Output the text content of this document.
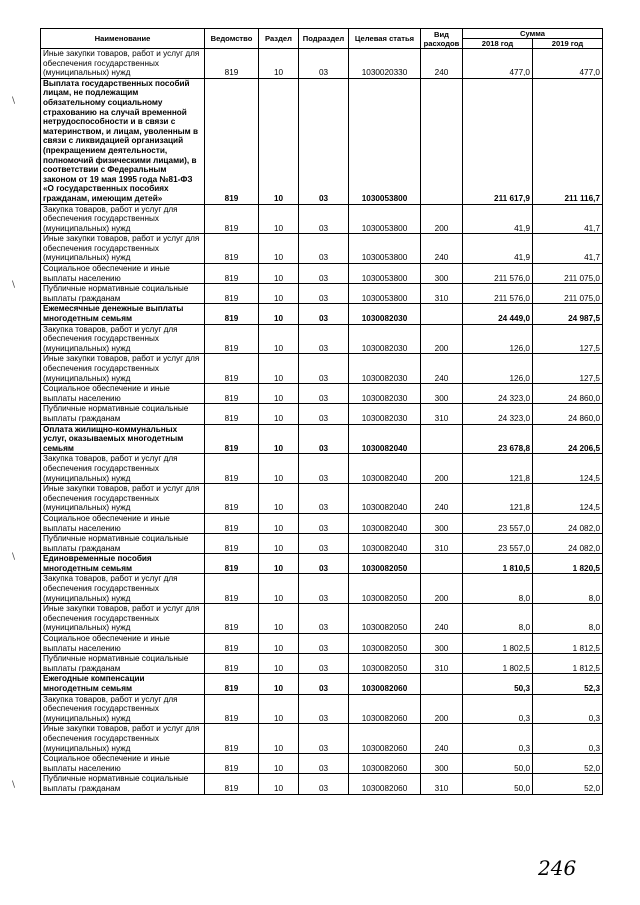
Наименование	Ведомство	Раздел	Подраздел	Целевая статья	Вид расходов	Сумма	
						2018 год	2019 год
Иные закупки товаров, работ и услуг для обеспечения государственных (муниципальных) нужд	819	10	03	1030020330	240	477,0	477,0
Выплата государственных пособий лицам, не подлежащим обязательному социальному страхованию на случай временной нетрудоспособности и в связи с материнством, и лицам, уволенным в связи с ликвидацией организаций (прекращением деятельности, полномочий физическими лицами), в соответствии с Федеральным законом от 19 мая 1995 года №81-ФЗ «О государственных пособиях гражданам, имеющим детей»	819	10	03	1030053800		211 617,9	211 116,7
Закупка товаров, работ и услуг для обеспечения государственных (муниципальных) нужд	819	10	03	1030053800	200	41,9	41,7
Иные закупки товаров, работ и услуг для обеспечения государственных (муниципальных) нужд	819	10	03	1030053800	240	41,9	41,7
Социальное обеспечение и иные выплаты населению	819	10	03	1030053800	300	211 576,0	211 075,0
Публичные нормативные социальные выплаты гражданам	819	10	03	1030053800	310	211 576,0	211 075,0
Ежемесячные денежные выплаты многодетным семьям	819	10	03	1030082030		24 449,0	24 987,5
Закупка товаров, работ и услуг для обеспечения государственных (муниципальных) нужд	819	10	03	1030082030	200	126,0	127,5
Иные закупки товаров, работ и услуг для обеспечения государственных (муниципальных) нужд	819	10	03	1030082030	240	126,0	127,5
Социальное обеспечение и иные выплаты населению	819	10	03	1030082030	300	24 323,0	24 860,0
Публичные нормативные социальные выплаты гражданам	819	10	03	1030082030	310	24 323,0	24 860,0
Оплата жилищно-коммунальных услуг, оказываемых многодетным семьям	819	10	03	1030082040		23 678,8	24 206,5
Закупка товаров, работ и услуг для обеспечения государственных (муниципальных) нужд	819	10	03	1030082040	200	121,8	124,5
Иные закупки товаров, работ и услуг для обеспечения государственных (муниципальных) нужд	819	10	03	1030082040	240	121,8	124,5
Социальное обеспечение и иные выплаты населению	819	10	03	1030082040	300	23 557,0	24 082,0
Публичные нормативные социальные выплаты гражданам	819	10	03	1030082040	310	23 557,0	24 082,0
Единовременные пособия многодетным семьям	819	10	03	1030082050		1 810,5	1 820,5
Закупка товаров, работ и услуг для обеспечения государственных (муниципальных) нужд	819	10	03	1030082050	200	8,0	8,0
Иные закупки товаров, работ и услуг для обеспечения государственных (муниципальных) нужд	819	10	03	1030082050	240	8,0	8,0
Социальное обеспечение и иные выплаты населению	819	10	03	1030082050	300	1 802,5	1 812,5
Публичные нормативные социальные выплаты гражданам	819	10	03	1030082050	310	1 802,5	1 812,5
Ежегодные компенсации многодетным семьям	819	10	03	1030082060		50,3	52,3
Закупка товаров, работ и услуг для обеспечения государственных (муниципальных) нужд	819	10	03	1030082060	200	0,3	0,3
Иные закупки товаров, работ и услуг для обеспечения государственных (муниципальных) нужд	819	10	03	1030082060	240	0,3	0,3
Социальное обеспечение и иные выплаты населению	819	10	03	1030082060	300	50,0	52,0
Публичные нормативные социальные выплаты гражданам	819	10	03	1030082060	310	50,0	52,0
\
\
\
\
246
